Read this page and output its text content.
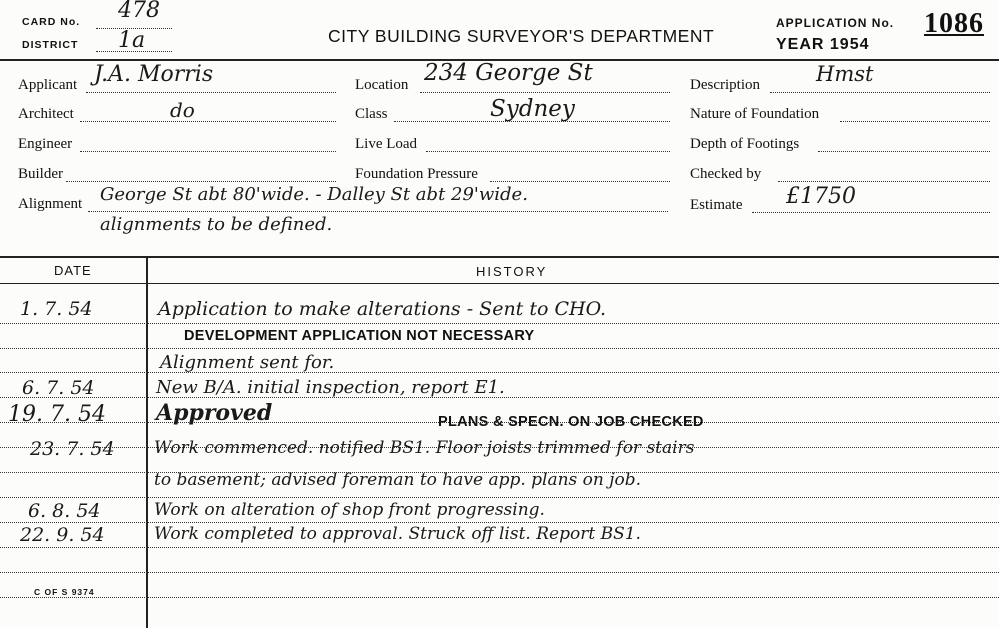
CARD No. 478
DISTRICT 1a	CITY BUILDING SURVEYOR'S DEPARTMENT
APPLICATION No. 1086
YEAR 1954
Applicant J.A. Morris
Architect	do
Engineer
Builder
Alignment George St abt 80'wide. - Dalley St abt 29'wide.
alignments to be defined.
Location 234 George St
Class	Sydney
Live Load
Foundation Pressure
Description	Hmst
Nature of Foundation
Depth of Footings
Checked by
Estimate £1750
DATE	HISTORY
1. 7. 54	Application to make alterations - Sent to CHO.
DEVELOPMENT APPLICATION NOT NECESSARY
Alignment sent for.
6. 7. 54	New B/A. initial inspection, report E1.
19. 7. 54 Approved	PLANS & SPECN. ON JOB CHECKED
23. 7. 54 Work commenced. notified BS1. Floor joists trimmed for stairs
to basement; advised foreman to have app. plans on job.
6. 8. 54	Work on alteration of shop front progressing.
22. 9. 54	Work completed to approval. Struck off list. Report BS1.
C OF S 9374
